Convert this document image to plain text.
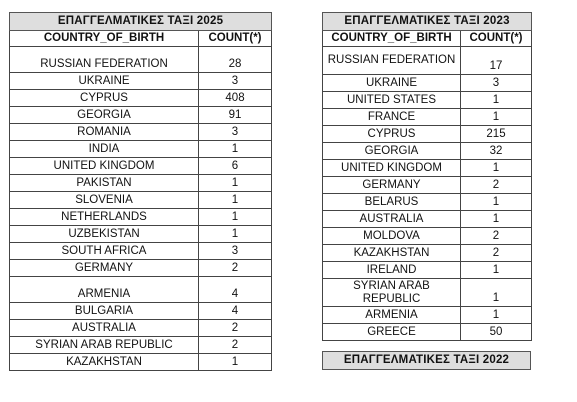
ΕΠΑΓΓΕΛΜΑΤΙΚΕΣ ΤΑΞΙ 2025	
COUNTRY_OF_BIRTH	COUNT(*)
RUSSIAN FEDERATION	28
UKRAINE	3
CYPRUS	408
GEORGIA	91
ROMANIA	3
INDIA	1
UNITED KINGDOM	6
PAKISTAN	1
SLOVENIA	1
NETHERLANDS	1
UZBEKISTAN	1
SOUTH AFRICA	3
GERMANY	2
ARMENIA	4
BULGARIA	4
AUSTRALIA	2
SYRIAN ARAB REPUBLIC	2
KAZAKHSTAN	1
ΕΠΑΓΓΕΛΜΑΤΙΚΕΣ ΤΑΞΙ 2023	
COUNTRY_OF_BIRTH	COUNT(*)
RUSSIAN FEDERATION	17
UKRAINE	3
UNITED STATES	1
FRANCE	1
CYPRUS	215
GEORGIA	32
UNITED KINGDOM	1
GERMANY	2
BELARUS	1
AUSTRALIA	1
MOLDOVA	2
KAZAKHSTAN	2
IRELAND	1
SYRIAN ARAB REPUBLIC	1
ARMENIA	1
GREECE	50
ΕΠΑΓΓΕΛΜΑΤΙΚΕΣ ΤΑΞΙ 2022
